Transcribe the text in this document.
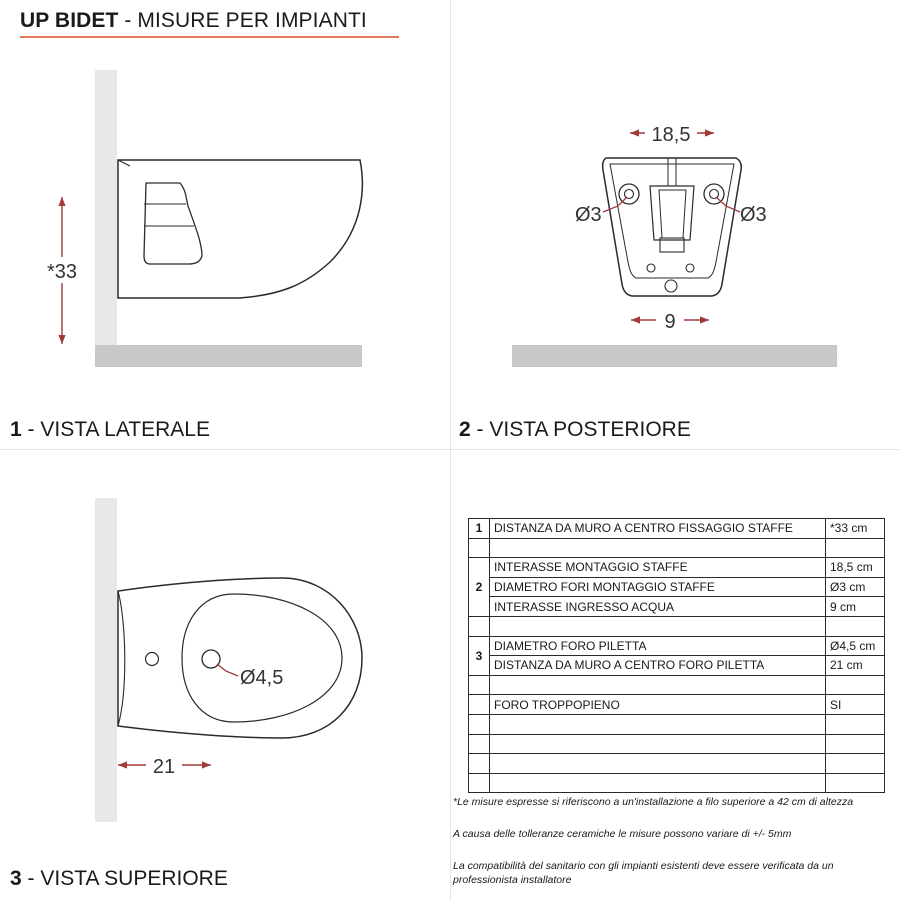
UP BIDET - MISURE PER IMPIANTI
*33
18,5
Ø3	Ø3
9
Ø4,5
21
1 - VISTA LATERALE	2 - VISTA POSTERIORE
3 - VISTA SUPERIORE
1	DISTANZA DA MURO A CENTRO FISSAGGIO STAFFE	*33 cm

2	INTERASSE MONTAGGIO STAFFE	18,5 cm
	DIAMETRO FORI MONTAGGIO STAFFE	Ø3 cm
	INTERASSE INGRESSO ACQUA	9 cm

3	DIAMETRO FORO PILETTA	Ø4,5 cm
	DISTANZA DA MURO A CENTRO FORO PILETTA	21 cm

	FORO TROPPOPIENO	SI

*Le misure espresse si riferiscono a un'installazione a filo superiore a 42 cm di altezza

A causa delle tolleranze ceramiche le misure possono variare di +/- 5mm

La compatibilità del sanitario con gli impianti esistenti deve essere verificata da un professionista installatore
